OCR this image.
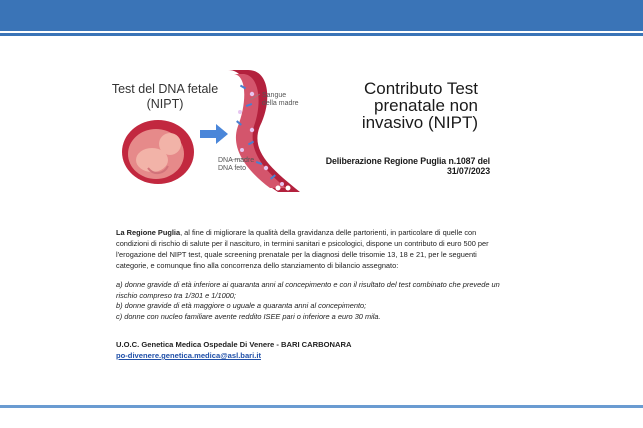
Test del DNA fetale (NIPT)
Sangue della madre
DNA madre
DNA feto
Contributo Test prenatale non invasivo (NIPT)
Deliberazione Regione Puglia n.1087 del 31/07/2023
La Regione Puglia, al fine di migliorare la qualità della gravidanza delle partorienti, in particolare di quelle con condizioni di rischio di salute per il nascituro, in termini sanitari e psicologici, dispone un contributo di euro 500 per l'erogazione del NIPT test, quale screening prenatale per la diagnosi delle trisomie 13, 18 e 21, per le seguenti categorie, e comunque fino alla concorrenza dello stanziamento di bilancio assegnato:
a) donne gravide di età inferiore ai quaranta anni al concepimento e con il risultato del test combinato che prevede un rischio compreso tra 1/301 e 1/1000;
b) donne gravide di età maggiore o uguale a quaranta anni al concepimento;
c) donne con nucleo familiare avente reddito ISEE pari o inferiore a euro 30 mila.
U.O.C. Genetica Medica Ospedale Di Venere - BARI CARBONARA
po-divenere.genetica.medica@asl.bari.it
